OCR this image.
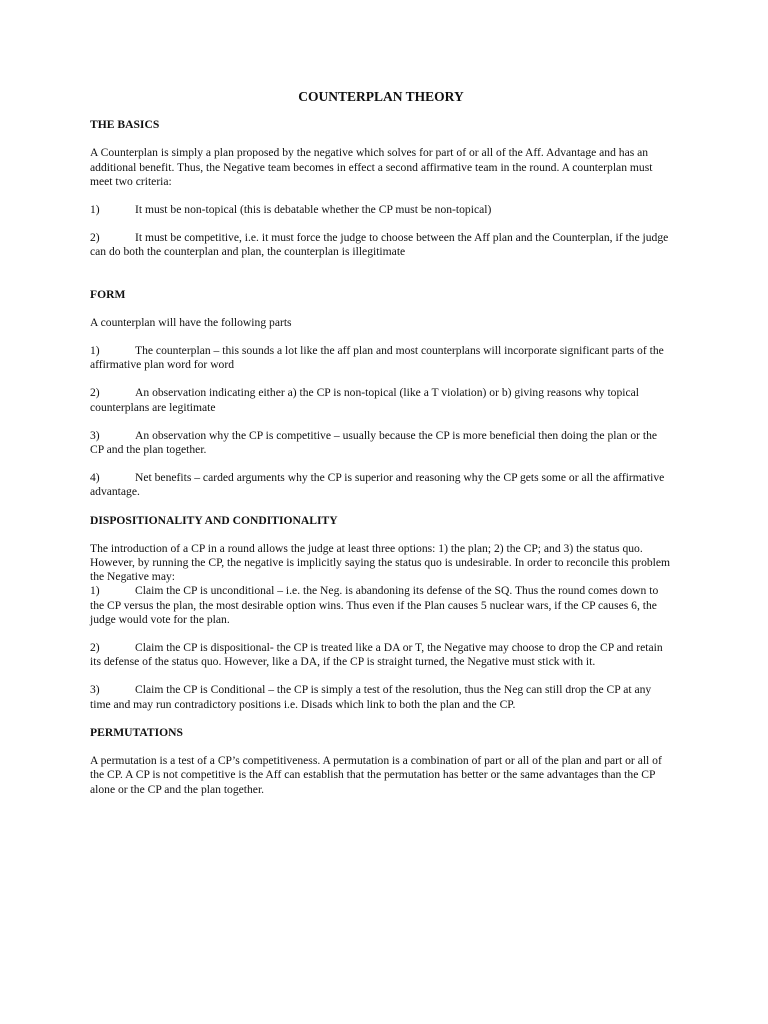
COUNTERPLAN THEORY
THE BASICS
A Counterplan is simply a plan proposed by the negative which solves for part of or all of the Aff. Advantage and has an additional benefit. Thus, the Negative team becomes in effect a second affirmative team in the round. A counterplan must meet two criteria:
1)	It must be non-topical (this is debatable whether the CP must be non-topical)
2)	It must be competitive, i.e. it must force the judge to choose between the Aff plan and the Counterplan, if the judge can do both the counterplan and plan, the counterplan is illegitimate
FORM
A counterplan will have the following parts
1)	The counterplan – this sounds a lot like the aff plan and most counterplans will incorporate significant parts of the affirmative plan word for word
2)	An observation indicating either a) the CP is non-topical (like a T violation) or b) giving reasons why topical counterplans are legitimate
3)	An observation why the CP is competitive – usually because the CP is more beneficial then doing the plan or the CP and the plan together.
4)	Net benefits – carded arguments why the CP is superior and reasoning why the CP gets some or all the affirmative advantage.
DISPOSITIONALITY AND CONDITIONALITY
The introduction of a CP in a round allows the judge at least three options: 1) the plan; 2) the CP; and 3) the status quo. However, by running the CP, the negative is implicitly saying the status quo is undesirable. In order to reconcile this problem the Negative may:
1)	Claim the CP is unconditional – i.e. the Neg. is abandoning its defense of the SQ. Thus the round comes down to the CP versus the plan, the most desirable option wins. Thus even if the Plan causes 5 nuclear wars, if the CP causes 6, the judge would vote for the plan.
2)	Claim the CP is dispositional- the CP is treated like a DA or T, the Negative may choose to drop the CP and retain its defense of the status quo. However, like a DA, if the CP is straight turned, the Negative must stick with it.
3)	Claim the CP is Conditional – the CP is simply a test of the resolution, thus the Neg can still drop the CP at any time and may run contradictory positions i.e. Disads which link to both the plan and the CP.
PERMUTATIONS
A permutation is a test of a CP’s competitiveness. A permutation is a combination of part or all of the plan and part or all of the CP. A CP is not competitive is the Aff can establish that the permutation has better or the same advantages than the CP alone or the CP and the plan together.
